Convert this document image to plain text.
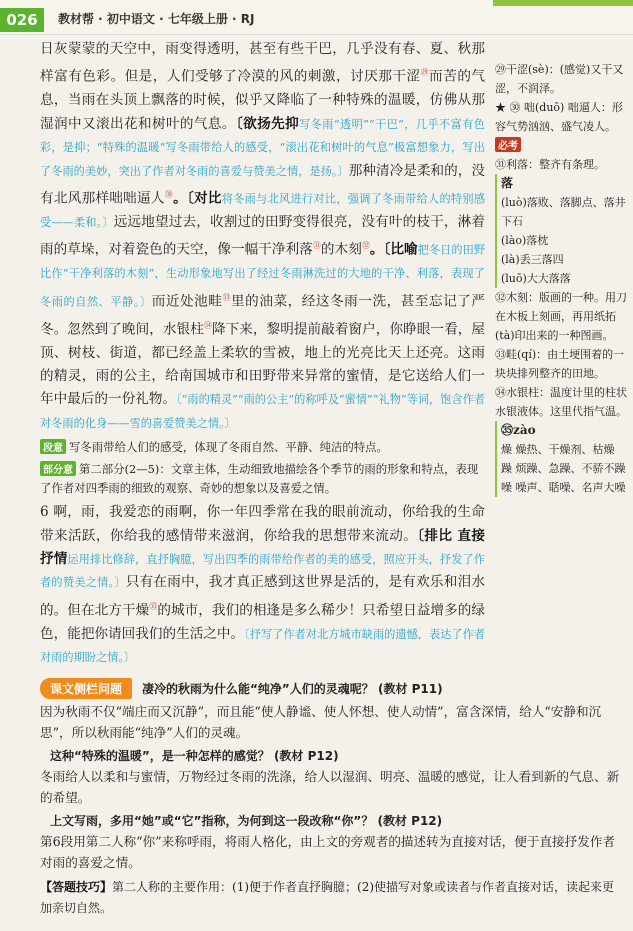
026	教材帮 · 初中语文 · 七年级上册 · RJ

日灰蒙蒙的天空中，雨变得透明，甚至有些干巴，几乎没有春、夏、秋那样富有色彩。但是，人们受够了冷漠的风的刺激，讨厌那干涩$^㉙$而苦的气息，当雨在头顶上飘落的时候，似乎又降临了一种特殊的温暖，仿佛从那湿润中又滚出花和树叶的气息。〔欲扬先抑写冬雨“透明”“干巴”，几乎不富有色彩，是抑；“特殊的温暖”写冬雨带给人的感受，“滚出花和树叶的气息”极富想象力，写出了冬雨的美妙，突出了作者对冬雨的喜爱与赞美之情，是扬。〕那种清冷是柔和的，没有北风那样咄咄逼人$^㉚$。〔对比将冬雨与北风进行对比，强调了冬雨带给人的特别感受——柔和。〕远远地望过去，收割过的田野变得很亮，没有叶的枝干，淋着雨的草垛，对着瓷色的天空，像一幅干净利落$^㉛$的木刻$^㉜$。〔比喻把冬日的田野比作“干净利落的木刻”，生动形象地写出了经过冬雨淋洗过的大地的干净、利落，表现了冬雨的自然、平静。〕而近处池畦$^㉝$里的油菜，经这冬雨一洗，甚至忘记了严冬。忽然到了晚间，水银柱$^㉞$降下来，黎明提前敲着窗户，你睁眼一看，屋顶、树枝、街道，都已经盖上柔软的雪被，地上的光亮比天上还亮。这雨的精灵，雨的公主，给南国城市和田野带来异常的蜜情，是它送给人们一年中最后的一份礼物。〔“雨的精灵”“雨的公主”的称呼及“蜜情”“礼物”等词，饱含作者对冬雨的化身——雪的喜爱赞美之情。〕

段意 写冬雨带给人们的感受，体现了冬雨自然、平静、纯洁的特点。

部分意 第二部分(2—5)：文章主体，生动细致地描绘各个季节的雨的形象和特点，表现了作者对四季雨的细致的观察、奇妙的想象以及喜爱之情。

6 啊，雨，我爱恋的雨啊，你一年四季常在我的眼前流动，你给我的生命带来活跃，你给我的感情带来滋润，你给我的思想带来流动。〔排比 直接抒情运用排比修辞，直抒胸臆，写出四季的雨带给作者的美的感受，照应开头，抒发了作者的赞美之情。〕只有在雨中，我才真正感到这世界是活的，是有欢乐和泪水的。但在北方干燥$^㉟$的城市，我们的相逢是多么稀少！只希望日益增多的绿色，能把你请回我们的生活之中。〔抒写了作者对北方城市缺雨的遗憾，表达了作者对雨的期盼之情。〕

㉙干涩(sè)：(感觉)又干又涩，不润泽。
★ ㉚ 咄(duō) 咄逼人：形容气势汹汹、盛气凌人。 必考
㉛利落：整齐有条理。
落
(luò)落败、落脚点、落井下石
(lào)落枕
(là)丢三落四
(luō)大大落落
㉜木刻：版画的一种。用刀在木板上刻画，再用纸拓(tà)印出来的一种图画。
㉝畦(qí)：由土埂围着的一块块排列整齐的田地。
㉞水银柱：温度计里的柱状水银液体。这里代指气温。
㉟zào
燥 燥热、干燥剂、枯燥
躁 烦躁、急躁、不骄不躁
噪 噪声、聒噪、名声大噪
课文侧栏问题	凄冷的秋雨为什么能“纯净”人们的灵魂呢？ (教材 P11)

因为秋雨不仅“端庄而又沉静”，而且能“使人静谧、使人怀想、使人动情”，富含深情，给人“安静和沉思”，所以秋雨能“纯净”人们的灵魂。

这种“特殊的温暖”，是一种怎样的感觉？ (教材 P12)

冬雨给人以柔和与蜜情，万物经过冬雨的洗涤，给人以湿润、明亮、温暖的感觉，让人看到新的气息、新的希望。

上文写雨，多用“她”或“它”指称，为何到这一段改称“你”？ (教材 P12)

第6段用第二人称“你”来称呼雨，将雨人格化，由上文的旁观者的描述转为直接对话，便于直接抒发作者对雨的喜爱之情。

【答题技巧】第二人称的主要作用：(1)便于作者直抒胸臆；(2)使描写对象或读者与作者直接对话，读起来更加亲切自然。
